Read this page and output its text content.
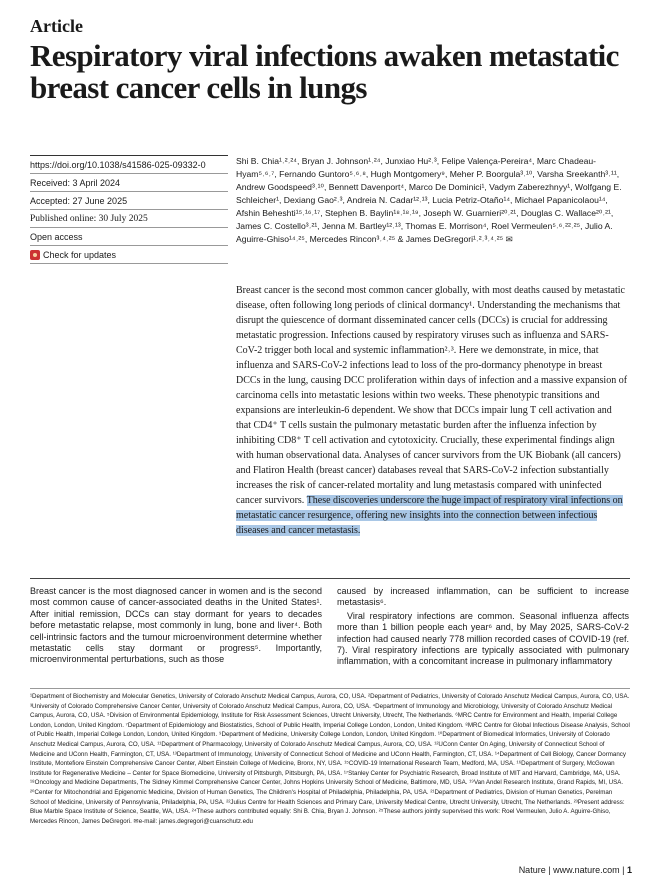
Article
Respiratory viral infections awaken metastatic breast cancer cells in lungs
https://doi.org/10.1038/s41586-025-09332-0
Received: 3 April 2024
Accepted: 27 June 2025
Published online: 30 July 2025
Open access
Check for updates
Shi B. Chia¹˒²˒²⁴, Bryan J. Johnson¹˒²⁴, Junxiao Hu²˒³, Felipe Valença-Pereira⁴, Marc Chadeau-Hyam⁵˒⁶˒⁷, Fernando Guntoro⁵˒⁶˒⁸, Hugh Montgomery⁹, Meher P. Boorgula³˒¹⁰, Varsha Sreekanth³˒¹¹, Andrew Goodspeed³˒¹⁰, Bennett Davenport⁴, Marco De Dominici¹, Vadym Zaberezhnyy¹, Wolfgang E. Schleicher¹, Dexiang Gao²˒³, Andreia N. Cadar¹²˒¹³, Lucia Petriz-Otaño¹⁴, Michael Papanicolaou¹⁴, Afshin Beheshti¹⁵˒¹⁶˒¹⁷, Stephen B. Baylin¹⁸˒¹⁸˒¹⁹, Joseph W. Guarnieri²⁰˒²¹, Douglas C. Wallace²⁰˒²¹, James C. Costello³˒²¹, Jenna M. Bartley¹²˒¹³, Thomas E. Morrison⁴, Roel Vermeulen⁵˒⁶˒²²˒²⁵, Julio A. Aguirre-Ghiso¹⁴˒²⁵, Mercedes Rincon³˒⁴˒²⁵ & James DeGregori¹˒²˒³˒⁴˒²⁵ ✉
Breast cancer is the second most common cancer globally, with most deaths caused by metastatic disease, often following long periods of clinical dormancy¹. Understanding the mechanisms that disrupt the quiescence of dormant disseminated cancer cells (DCCs) is crucial for addressing metastatic progression. Infections caused by respiratory viruses such as influenza and SARS-CoV-2 trigger both local and systemic inflammation²˒³. Here we demonstrate, in mice, that influenza and SARS-CoV-2 infections lead to loss of the pro-dormancy phenotype in breast DCCs in the lung, causing DCC proliferation within days of infection and a massive expansion of carcinoma cells into metastatic lesions within two weeks. These phenotypic transitions and expansions are interleukin-6 dependent. We show that DCCs impair lung T cell activation and that CD4⁺ T cells sustain the pulmonary metastatic burden after the influenza infection by inhibiting CD8⁺ T cell activation and cytotoxicity. Crucially, these experimental findings align with human observational data. Analyses of cancer survivors from the UK Biobank (all cancers) and Flatiron Health (breast cancer) databases reveal that SARS-CoV-2 infection substantially increases the risk of cancer-related mortality and lung metastasis compared with uninfected cancer survivors. These discoveries underscore the huge impact of respiratory viral infections on metastatic cancer resurgence, offering new insights into the connection between infectious diseases and cancer metastasis.
Breast cancer is the most diagnosed cancer in women and is the second most common cause of cancer-associated deaths in the United States¹. After initial remission, DCCs can stay dormant for years to decades before metastatic relapse, most commonly in lung, bone and liver⁴. Both cell-intrinsic factors and the tumour microenvironment determine whether metastatic cells stay dormant or progress⁵. Importantly, microenvironmental perturbations, such as those

caused by increased inflammation, can be sufficient to increase metastasis⁶.

Viral respiratory infections are common. Seasonal influenza affects more than 1 billion people each year⁶ and, by May 2025, SARS-CoV-2 infection had caused nearly 778 million recorded cases of COVID-19 (ref. 7). Viral respiratory infections are typically associated with pulmonary inflammation, with a concomitant increase in pulmonary inflammatory

¹Department of Biochemistry and Molecular Genetics, University of Colorado Anschutz Medical Campus, Aurora, CO, USA. ²Department of Pediatrics, University of Colorado Anschutz Medical Campus, Aurora, CO, USA. ³University of Colorado Comprehensive Cancer Center, University of Colorado Anschutz Medical Campus, Aurora, CO, USA. ⁴Department of Immunology and Microbiology, University of Colorado Anschutz Medical Campus, Aurora, CO, USA. ⁵Division of Environmental Epidemiology, Institute for Risk Assessment Sciences, Utrecht University, Utrecht, The Netherlands. ⁶MRC Centre for Environment and Health, Imperial College London, London, United Kingdom. ⁷Department of Epidemiology and Biostatistics, School of Public Health, Imperial College London, London, United Kingdom. ⁸MRC Centre for Global Infectious Disease Analysis, School of Public Health, Imperial College London, London, United Kingdom. ⁹Department of Medicine, University College London, London, United Kingdom. ¹⁰Department of Biomedical Informatics, University of Colorado Anschutz Medical Campus, Aurora, CO, USA. ¹¹Department of Pharmacology, University of Colorado Anschutz Medical Campus, Aurora, CO, USA. ¹²UConn Center On Aging, University of Connecticut School of Medicine and UConn Health, Farmington, CT, USA. ¹³Department of Immunology, University of Connecticut School of Medicine and UConn Health, Farmington, CT, USA. ¹⁴Department of Cell Biology, Cancer Dormancy Institute, Montefiore Einstein Comprehensive Cancer Center, Albert Einstein College of Medicine, Bronx, NY, USA. ¹⁵COVID-19 International Research Team, Medford, MA, USA. ¹⁶Department of Surgery, McGowan Institute for Regenerative Medicine – Center for Space Biomedicine, University of Pittsburgh, Pittsburgh, PA, USA. ¹⁷Stanley Center for Psychiatric Research, Broad Institute of MIT and Harvard, Cambridge, MA, USA. ¹⁸Oncology and Medicine Departments, The Sidney Kimmel Comprehensive Cancer Center, Johns Hopkins University School of Medicine, Baltimore, MD, USA. ¹⁹Van Andel Research Institute, Grand Rapids, MI, USA. ²⁰Center for Mitochondrial and Epigenomic Medicine, Division of Human Genetics, The Children's Hospital of Philadelphia, Philadelphia, PA, USA. ²¹Department of Pediatrics, Division of Human Genetics, Perelman School of Medicine, University of Pennsylvania, Philadelphia, PA, USA. ²²Julius Centre for Health Sciences and Primary Care, University Medical Centre, Utrecht University, Utrecht, The Netherlands. ²³Present address: Blue Marble Space Institute of Science, Seattle, WA, USA. ²⁴These authors contributed equally: Shi B. Chia, Bryan J. Johnson. ²⁵These authors jointly supervised this work: Roel Vermeulen, Julio A. Aguirre-Ghiso, Mercedes Rincon, James DeGregori. ✉e-mail: james.degregori@cuanschutz.edu
Nature | www.nature.com | 1
